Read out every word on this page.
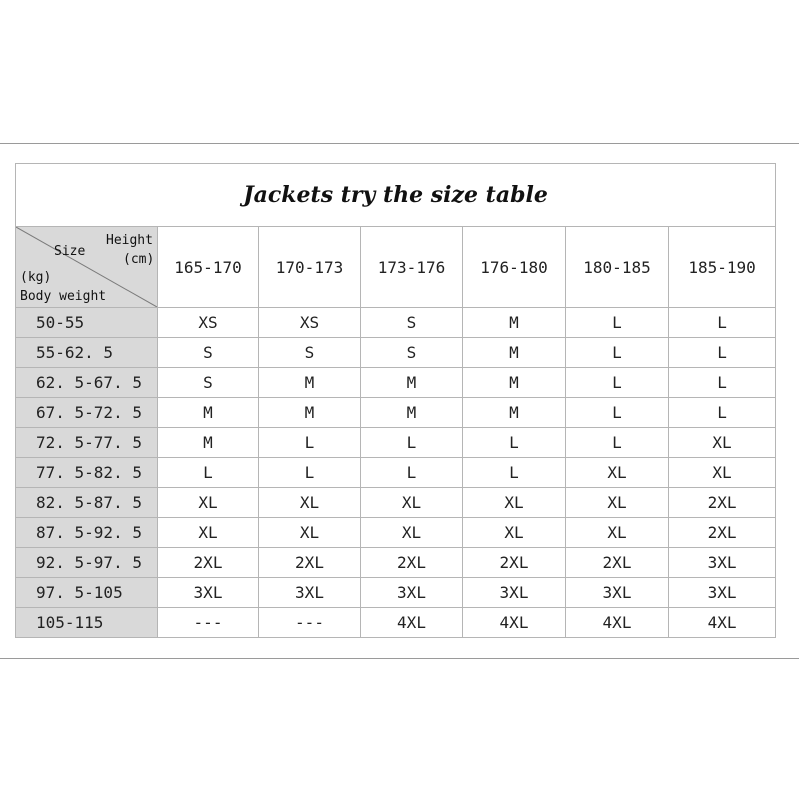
Jackets try the size table						

Size
Height
(cm)
(kg)
Body weight	165-170	170-173	173-176	176-180	180-185	185-190
50-55	XS	XS	S	M	L	L
55-62. 5	S	S	S	M	L	L
62. 5-67. 5	S	M	M	M	L	L
67. 5-72. 5	M	M	M	M	L	L
72. 5-77. 5	M	L	L	L	L	XL
77. 5-82. 5	L	L	L	L	XL	XL
82. 5-87. 5	XL	XL	XL	XL	XL	2XL
87. 5-92. 5	XL	XL	XL	XL	XL	2XL
92. 5-97. 5	2XL	2XL	2XL	2XL	2XL	3XL
97. 5-105	3XL	3XL	3XL	3XL	3XL	3XL
105-115	---	---	4XL	4XL	4XL	4XL
